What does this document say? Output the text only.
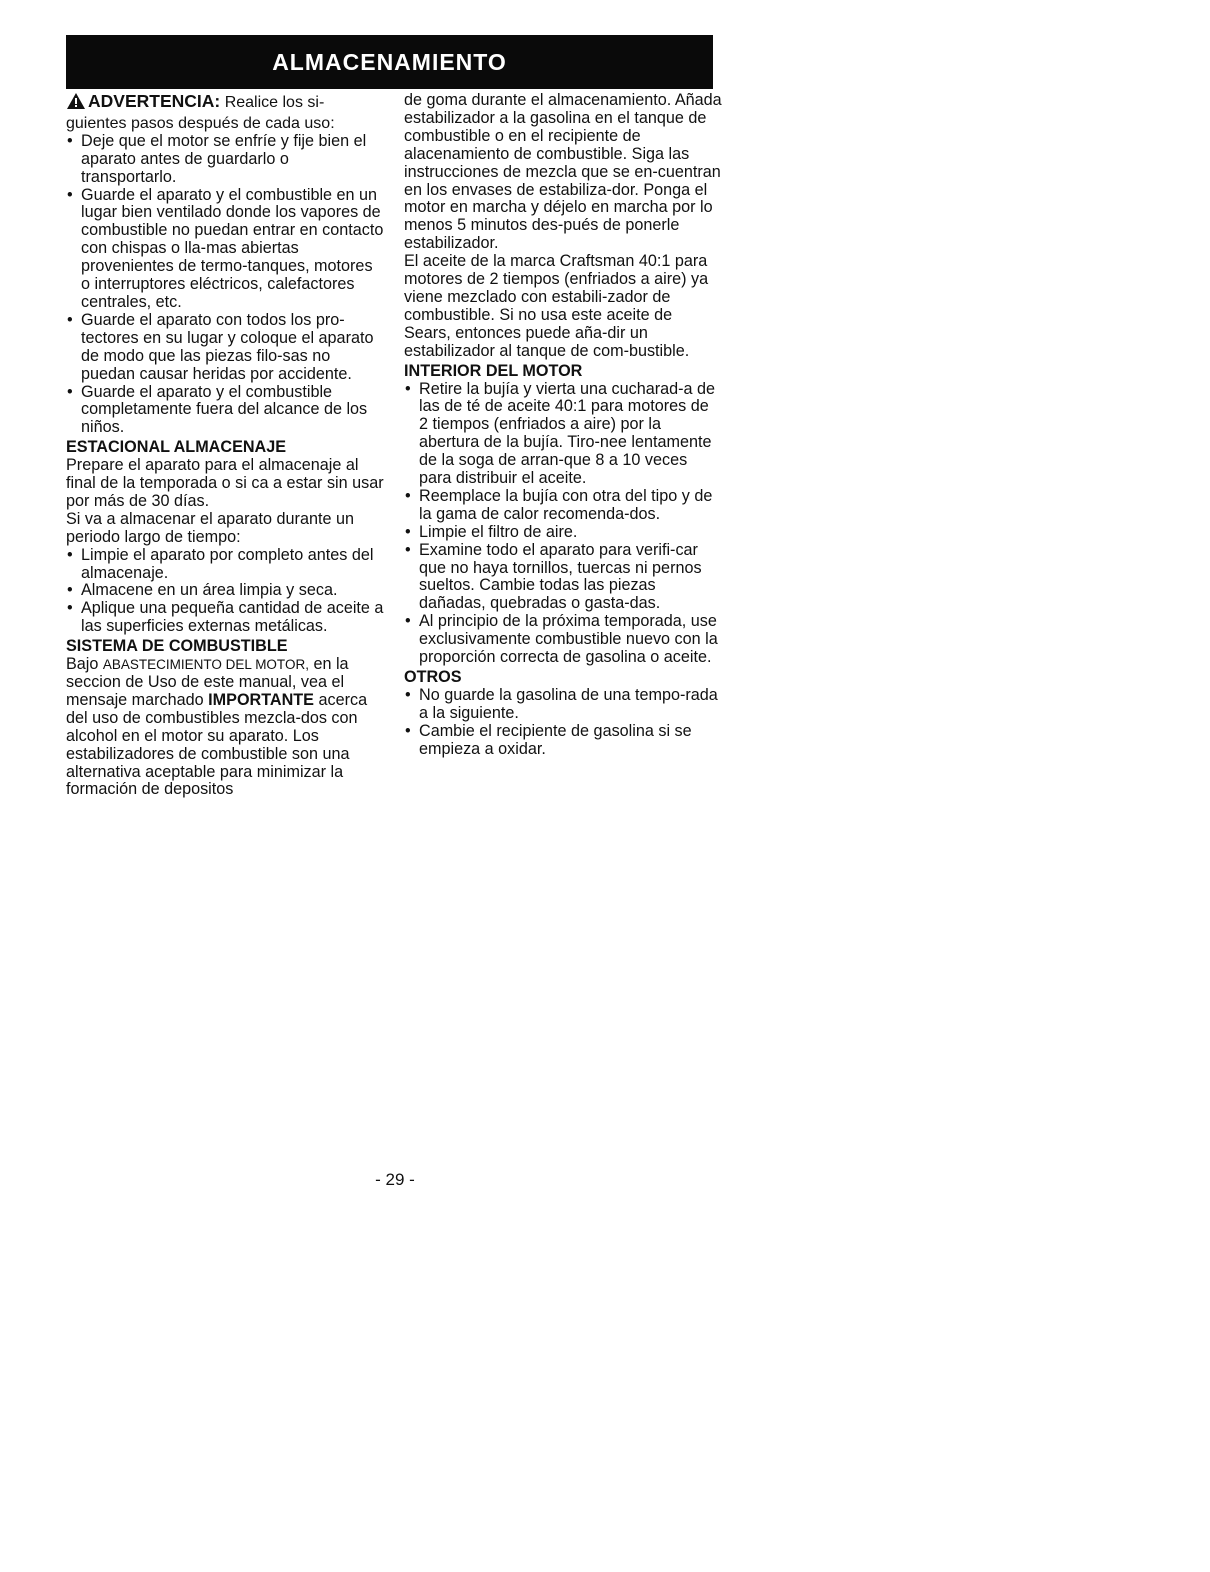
ALMACENAMIENTO

ADVERTENCIA: Realice los si- guientes pasos después de cada uso:

• Deje que el motor se enfríe y fije bien el aparato antes de guardarlo o transportarlo.
• Guarde el aparato y el combustible en un lugar bien ventilado donde los vapores de combustible no puedan entrar en contacto con chispas o lla-mas abiertas provenientes de termo-tanques, motores o interruptores eléctricos, calefactores centrales, etc.
• Guarde el aparato con todos los pro-tectores en su lugar y coloque el aparato de modo que las piezas filo-sas no puedan causar heridas por accidente.
• Guarde el aparato y el combustible completamente fuera del alcance de los niños.
ESTACIONAL ALMACENAJE

Prepare el aparato para el almacenaje al final de la temporada o si ca a estar sin usar por más de 30 días.

Si va a almacenar el aparato durante un periodo largo de tiempo:

• Limpie el aparato por completo antes del almacenaje.
• Almacene en un área limpia y seca.
• Aplique una pequeña cantidad de aceite a las superficies externas metálicas.
SISTEMA DE COMBUSTIBLE

Bajo ABASTECIMIENTO DEL MOTOR, en la seccion de Uso de este manual, vea el mensaje marchado IMPORTANTE acerca del uso de combustibles mezcla-dos con alcohol en el motor su aparato. Los estabilizadores de combustible son una alternativa aceptable para minimizar la formación de depositos

de goma durante el almacenamiento. Añada estabilizador a la gasolina en el tanque de combustible o en el recipiente de alacenamiento de combustible. Siga las instrucciones de mezcla que se en-cuentran en los envases de estabiliza-dor. Ponga el motor en marcha y déjelo en marcha por lo menos 5 minutos des-pués de ponerle estabilizador.

El aceite de la marca Craftsman 40:1 para motores de 2 tiempos (enfriados a aire) ya viene mezclado con estabili-zador de combustible. Si no usa este aceite de Sears, entonces puede aña-dir un estabilizador al tanque de com-bustible.

INTERIOR DEL MOTOR
• Retire la bujía y vierta una cucharad-a de las de té de aceite 40:1 para motores de 2 tiempos (enfriados a aire) por la abertura de la bujía. Tiro-nee lentamente de la soga de arran-que 8 a 10 veces para distribuir el aceite.
• Reemplace la bujía con otra del tipo y de la gama de calor recomenda-dos.
• Limpie el filtro de aire.
• Examine todo el aparato para verifi-car que no haya tornillos, tuercas ni pernos sueltos. Cambie todas las piezas dañadas, quebradas o gasta-das.
• Al principio de la próxima temporada, use exclusivamente combustible nuevo con la proporción correcta de gasolina o aceite.
OTROS
• No guarde la gasolina de una tempo-rada a la siguiente.
• Cambie el recipiente de gasolina si se empieza a oxidar.
- 29 -
